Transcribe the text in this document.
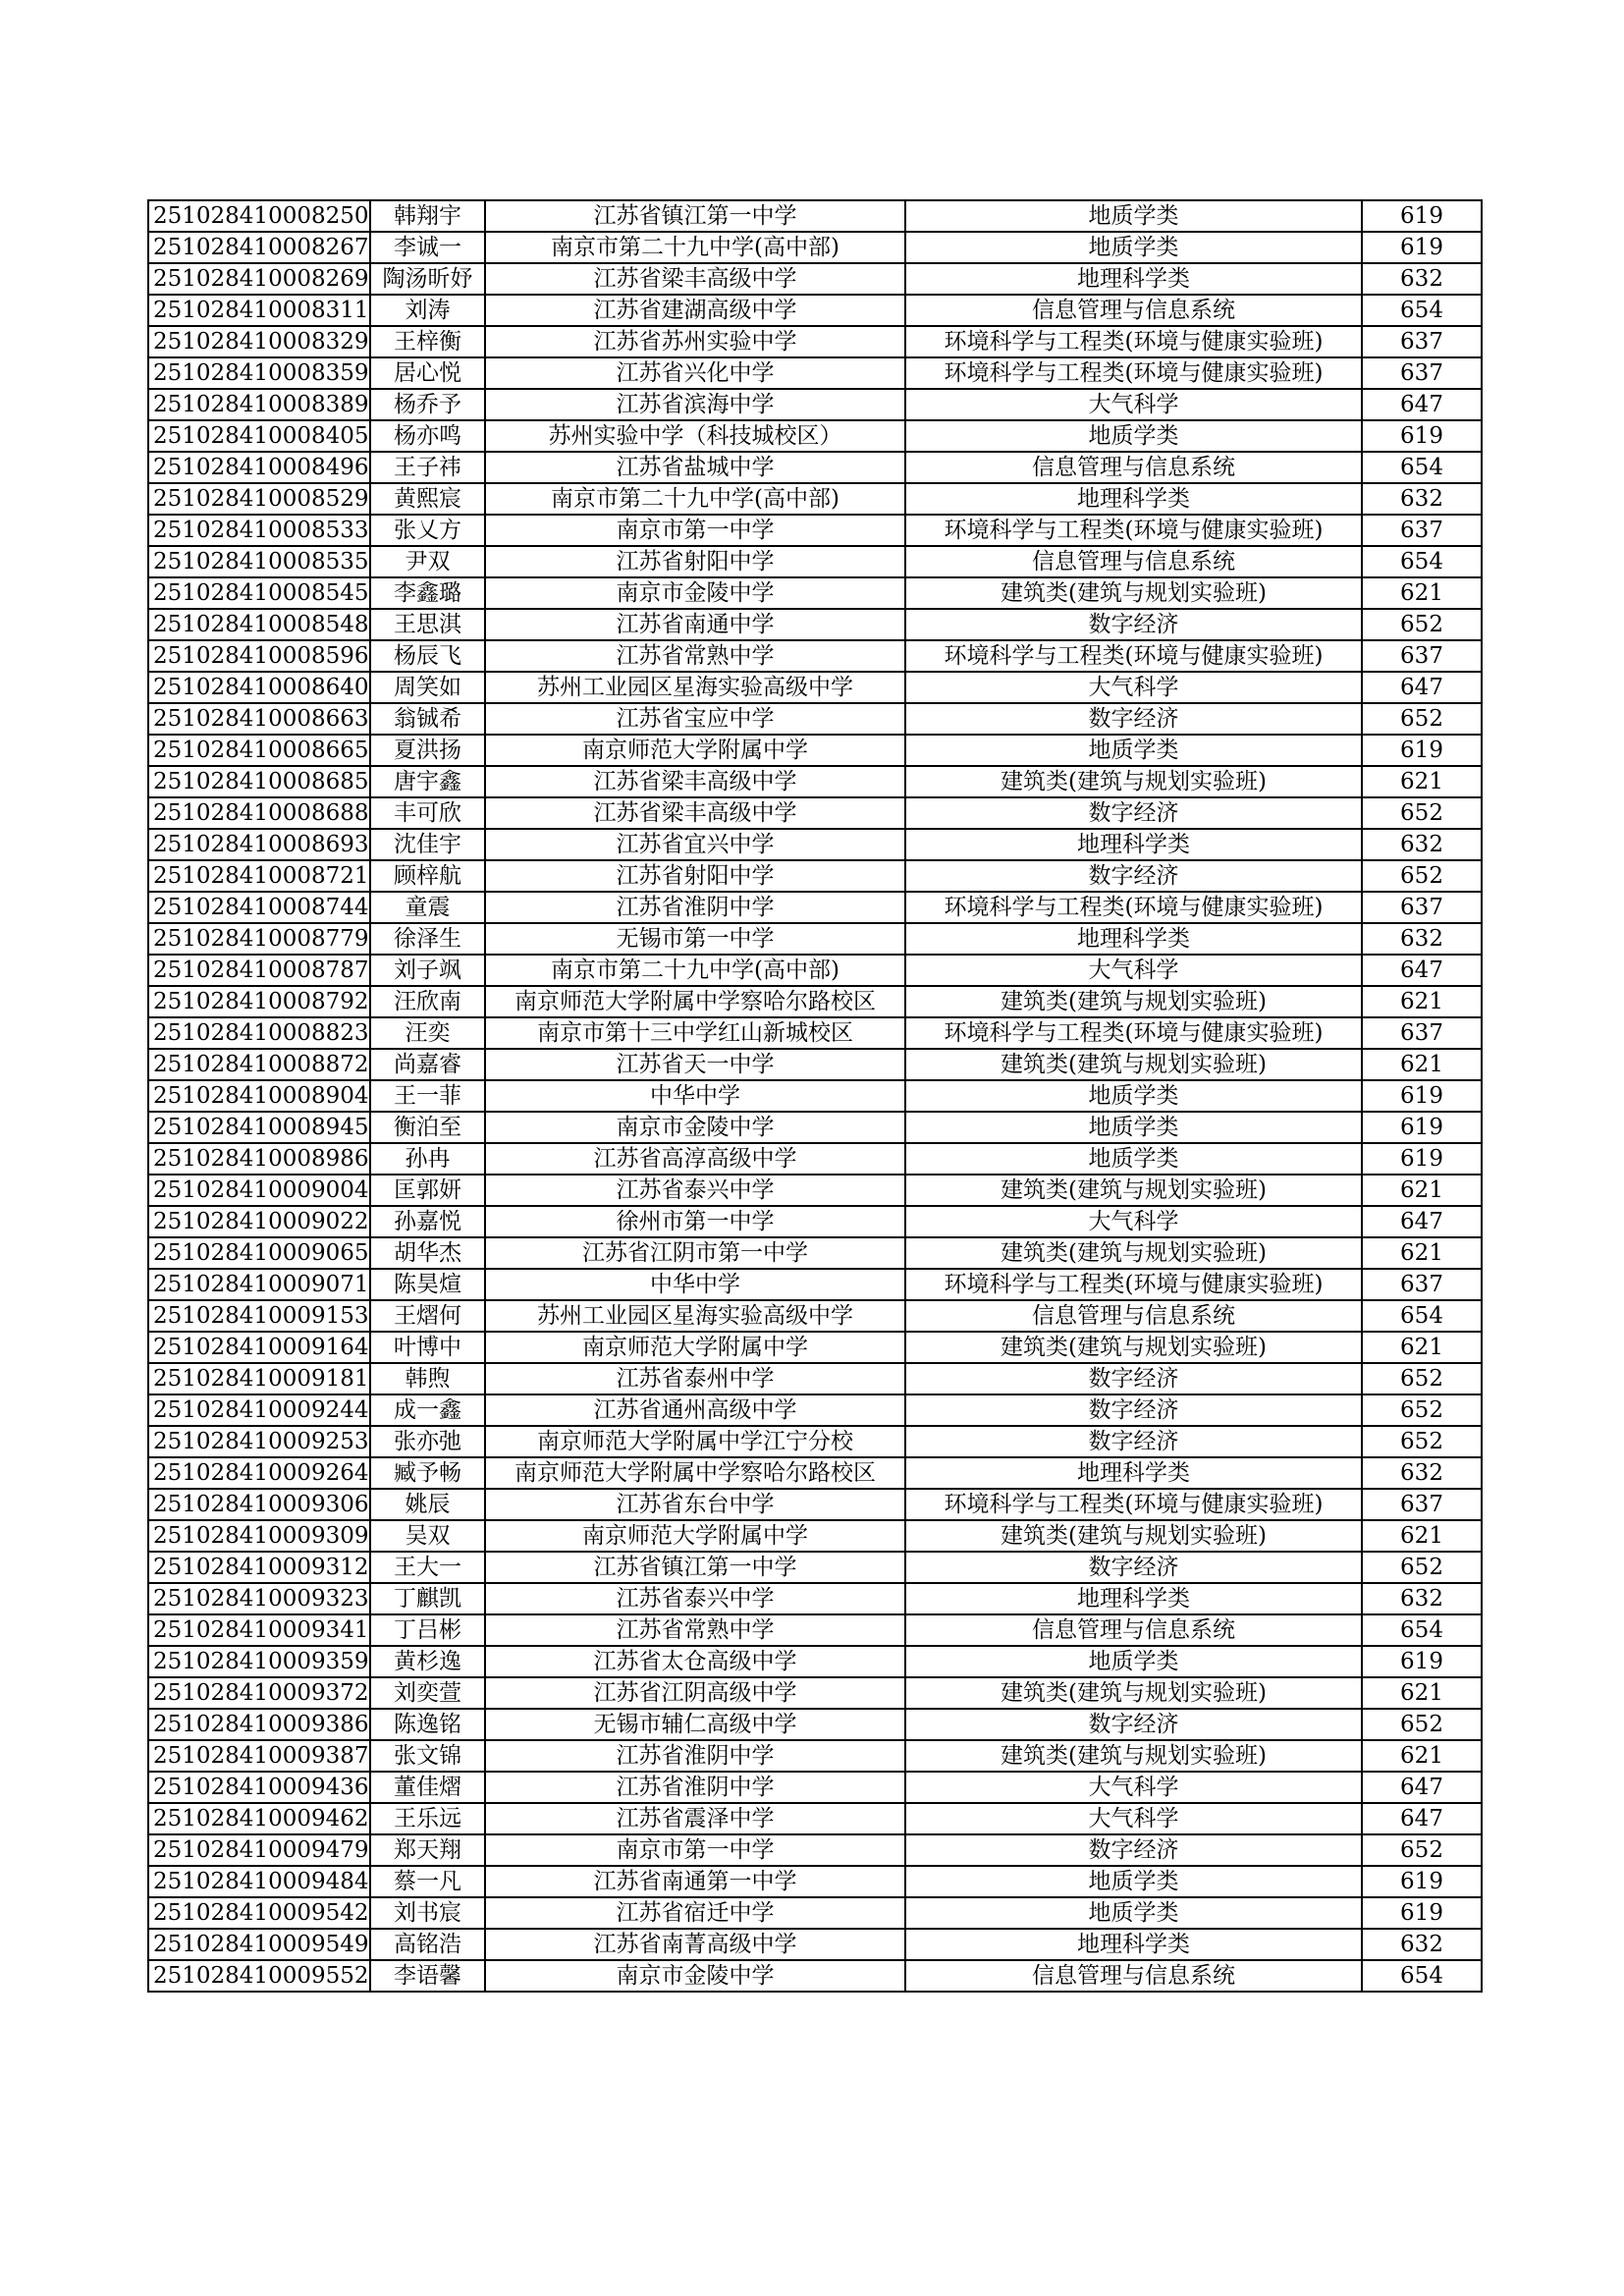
251028410008250	韩翔宇	江苏省镇江第一中学	地质学类	619
251028410008267	李诚一	南京市第二十九中学(高中部)	地质学类	619
251028410008269	陶汤昕妤	江苏省梁丰高级中学	地理科学类	632
251028410008311	刘涛	江苏省建湖高级中学	信息管理与信息系统	654
251028410008329	王梓衡	江苏省苏州实验中学	环境科学与工程类(环境与健康实验班)	637
251028410008359	居心悦	江苏省兴化中学	环境科学与工程类(环境与健康实验班)	637
251028410008389	杨乔予	江苏省滨海中学	大气科学	647
251028410008405	杨亦鸣	苏州实验中学（科技城校区）	地质学类	619
251028410008496	王子祎	江苏省盐城中学	信息管理与信息系统	654
251028410008529	黄熙宸	南京市第二十九中学(高中部)	地理科学类	632
251028410008533	张乂方	南京市第一中学	环境科学与工程类(环境与健康实验班)	637
251028410008535	尹双	江苏省射阳中学	信息管理与信息系统	654
251028410008545	李鑫璐	南京市金陵中学	建筑类(建筑与规划实验班)	621
251028410008548	王思淇	江苏省南通中学	数字经济	652
251028410008596	杨辰飞	江苏省常熟中学	环境科学与工程类(环境与健康实验班)	637
251028410008640	周笑如	苏州工业园区星海实验高级中学	大气科学	647
251028410008663	翁铖希	江苏省宝应中学	数字经济	652
251028410008665	夏洪扬	南京师范大学附属中学	地质学类	619
251028410008685	唐宇鑫	江苏省梁丰高级中学	建筑类(建筑与规划实验班)	621
251028410008688	丰可欣	江苏省梁丰高级中学	数字经济	652
251028410008693	沈佳宇	江苏省宜兴中学	地理科学类	632
251028410008721	顾梓航	江苏省射阳中学	数字经济	652
251028410008744	童震	江苏省淮阴中学	环境科学与工程类(环境与健康实验班)	637
251028410008779	徐泽生	无锡市第一中学	地理科学类	632
251028410008787	刘子飒	南京市第二十九中学(高中部)	大气科学	647
251028410008792	汪欣南	南京师范大学附属中学察哈尔路校区	建筑类(建筑与规划实验班)	621
251028410008823	汪奕	南京市第十三中学红山新城校区	环境科学与工程类(环境与健康实验班)	637
251028410008872	尚嘉睿	江苏省天一中学	建筑类(建筑与规划实验班)	621
251028410008904	王一菲	中华中学	地质学类	619
251028410008945	衡泊至	南京市金陵中学	地质学类	619
251028410008986	孙冉	江苏省高淳高级中学	地质学类	619
251028410009004	匡郭妍	江苏省泰兴中学	建筑类(建筑与规划实验班)	621
251028410009022	孙嘉悦	徐州市第一中学	大气科学	647
251028410009065	胡华杰	江苏省江阴市第一中学	建筑类(建筑与规划实验班)	621
251028410009071	陈昊煊	中华中学	环境科学与工程类(环境与健康实验班)	637
251028410009153	王熠何	苏州工业园区星海实验高级中学	信息管理与信息系统	654
251028410009164	叶博中	南京师范大学附属中学	建筑类(建筑与规划实验班)	621
251028410009181	韩煦	江苏省泰州中学	数字经济	652
251028410009244	成一鑫	江苏省通州高级中学	数字经济	652
251028410009253	张亦弛	南京师范大学附属中学江宁分校	数字经济	652
251028410009264	臧予畅	南京师范大学附属中学察哈尔路校区	地理科学类	632
251028410009306	姚辰	江苏省东台中学	环境科学与工程类(环境与健康实验班)	637
251028410009309	吴双	南京师范大学附属中学	建筑类(建筑与规划实验班)	621
251028410009312	王大一	江苏省镇江第一中学	数字经济	652
251028410009323	丁麒凯	江苏省泰兴中学	地理科学类	632
251028410009341	丁吕彬	江苏省常熟中学	信息管理与信息系统	654
251028410009359	黄杉逸	江苏省太仓高级中学	地质学类	619
251028410009372	刘奕萱	江苏省江阴高级中学	建筑类(建筑与规划实验班)	621
251028410009386	陈逸铭	无锡市辅仁高级中学	数字经济	652
251028410009387	张文锦	江苏省淮阴中学	建筑类(建筑与规划实验班)	621
251028410009436	董佳熠	江苏省淮阴中学	大气科学	647
251028410009462	王乐远	江苏省震泽中学	大气科学	647
251028410009479	郑天翔	南京市第一中学	数字经济	652
251028410009484	蔡一凡	江苏省南通第一中学	地质学类	619
251028410009542	刘书宸	江苏省宿迁中学	地质学类	619
251028410009549	高铭浩	江苏省南菁高级中学	地理科学类	632
251028410009552	李语馨	南京市金陵中学	信息管理与信息系统	654
